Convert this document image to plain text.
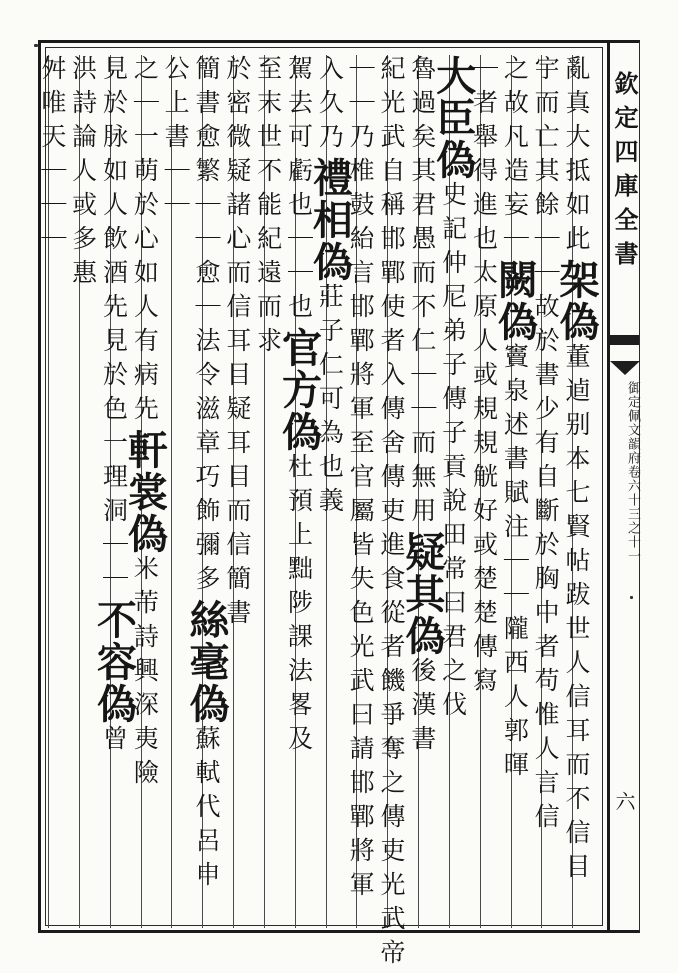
欽定四庫全書
御定佩文韻府卷六十三之十一
六
亂真大抵如此
架偽
董逌别本七賢帖跋世人信耳而不信目
宇而亡其餘｜｜
故於書少有自斷於胸中者苟惟人言信
之故凡造妄｜
闕偽
竇泉述書賦注｜｜隴西人郭暉
｜者舉得進也
太原人或規規觥好或楚楚傳寫
大臣偽
史記仲尼弟子傳子貢說田常曰君之伐
魯過矣其君愚而不仁｜｜而無用
疑其偽
後漢書
紀光武自稱邯鄲使者入傳舍傳吏進食從者饑爭奪之傳吏
光武帝
｜｜乃椎鼓紿言邯鄲將軍至官屬皆失色光武曰請邯鄲將軍
入久乃
禮相偽
莊子仁可為也義
駕去
可虧也｜｜也
官方偽
杜預上黜陟課法畧及
至末世不能紀遠而求
於密微疑諸心而信耳目疑耳目而信簡書
簡書愈繁｜｜愈｜法令滋章巧飾彌多
絲毫偽
蘇軾代呂申
公上書｜｜
之｜一萌於心如人有病先
軒裳偽
米芾詩興深夷險
見於脉如人飲酒先見於色
一理洞｜｜
不容偽
曾
洪詩論人或多
惠
舛唯天｜｜｜
